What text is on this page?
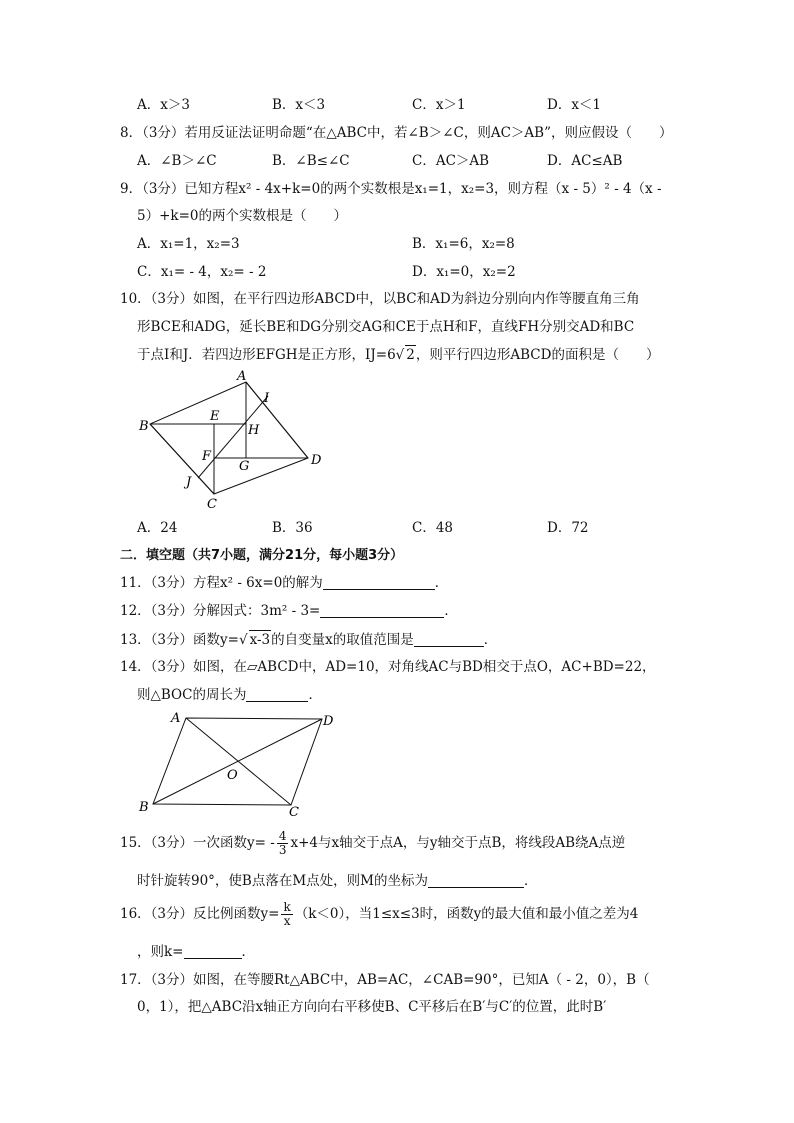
A．x＞3	B．x＜3	C．x＞1	D．x＜1
8．（3分）若用反证法证明命题“在△ABC中，若∠B＞∠C，则AC＞AB”，则应假设（　　）
A．∠B＞∠C	B．∠B≤∠C	C．AC＞AB	D．AC≤AB
9．（3分）已知方程x² - 4x+k=0的两个实数根是x₁=1，x₂=3，则方程（x - 5）² - 4（x -
5）+k=0的两个实数根是（　　）
A．x₁=1，x₂=3	B．x₁=6，x₂=8
C．x₁= - 4，x₂= - 2	D．x₁=0，x₂=2
10．（3分）如图，在平行四边形ABCD中，以BC和AD为斜边分别向内作等腰直角三角
形BCE和ADG，延长BE和DG分别交AG和CE于点H和F，直线FH分别交AD和BC
于点I和J．若四边形EFGH是正方形，IJ=6√ 2，则平行四边形ABCD的面积是（　　）
A
I
E
H
B
F
G	D
J
C
A．24	B．36	C．48	D．72
二．填空题（共7小题，满分21分，每小题3分）
11．（3分）方程x² - 6x=0的解为	．
12．（3分）分解因式：3m² - 3=	．
13．（3分）函数y=√ x-3的自变量x的取值范围是	．
14．（3分）如图，在▱ABCD中，AD=10，对角线AC与BD相交于点O，AC+BD=22，
则△BOC的周长为	．
A	D
O
B	C
15．（3分）一次函数$y= - \frac{4}{3} x+4$与x轴交于点A，与y轴交于点B，将线段AB绕A点逆
时针旋转90°，使B点落在M点处，则M的坐标为	．
16．（3分）反比例函数$y= \frac{k}{x} (k<0)$，当1≤x≤3时，函数y的最大值和最小值之差为4
，则k=	．
17．（3分）如图，在等腰Rt△ABC中，AB=AC，∠CAB=90°，已知A（ - 2，0），B（
0，1），把△ABC沿x轴正方向向右平移使B、C平移后在B′与C′的位置，此时B′
